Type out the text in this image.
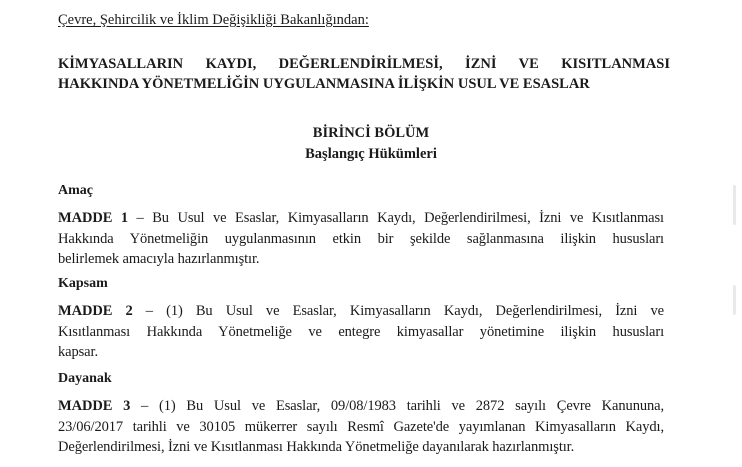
Çevre, Şehircilik ve İklim Değişikliği Bakanlığından:
KİMYASALLARIN KAYDI, DEĞERLENDİRİLMESİ, İZNİ VE KISITLANMASI
HAKKINDA YÖNETMELİĞİN UYGULANMASINA İLİŞKİN USUL VE ESASLAR
BİRİNCİ BÖLÜM
Başlangıç Hükümleri
Amaç
MADDE 1 – Bu Usul ve Esaslar, Kimyasalların Kaydı, Değerlendirilmesi, İzni ve Kısıtlanması
Hakkında Yönetmeliğin uygulanmasının etkin bir şekilde sağlanmasına ilişkin hususları
belirlemek amacıyla hazırlanmıştır.
Kapsam
MADDE 2 – (1) Bu Usul ve Esaslar, Kimyasalların Kaydı, Değerlendirilmesi, İzni ve
Kısıtlanması Hakkında Yönetmeliğe ve entegre kimyasallar yönetimine ilişkin hususları
kapsar.
Dayanak
MADDE 3 – (1) Bu Usul ve Esaslar, 09/08/1983 tarihli ve 2872 sayılı Çevre Kanununa,
23/06/2017 tarihli ve 30105 mükerrer sayılı Resmî Gazete'de yayımlanan Kimyasalların Kaydı,
Değerlendirilmesi, İzni ve Kısıtlanması Hakkında Yönetmeliğe dayanılarak hazırlanmıştır.
